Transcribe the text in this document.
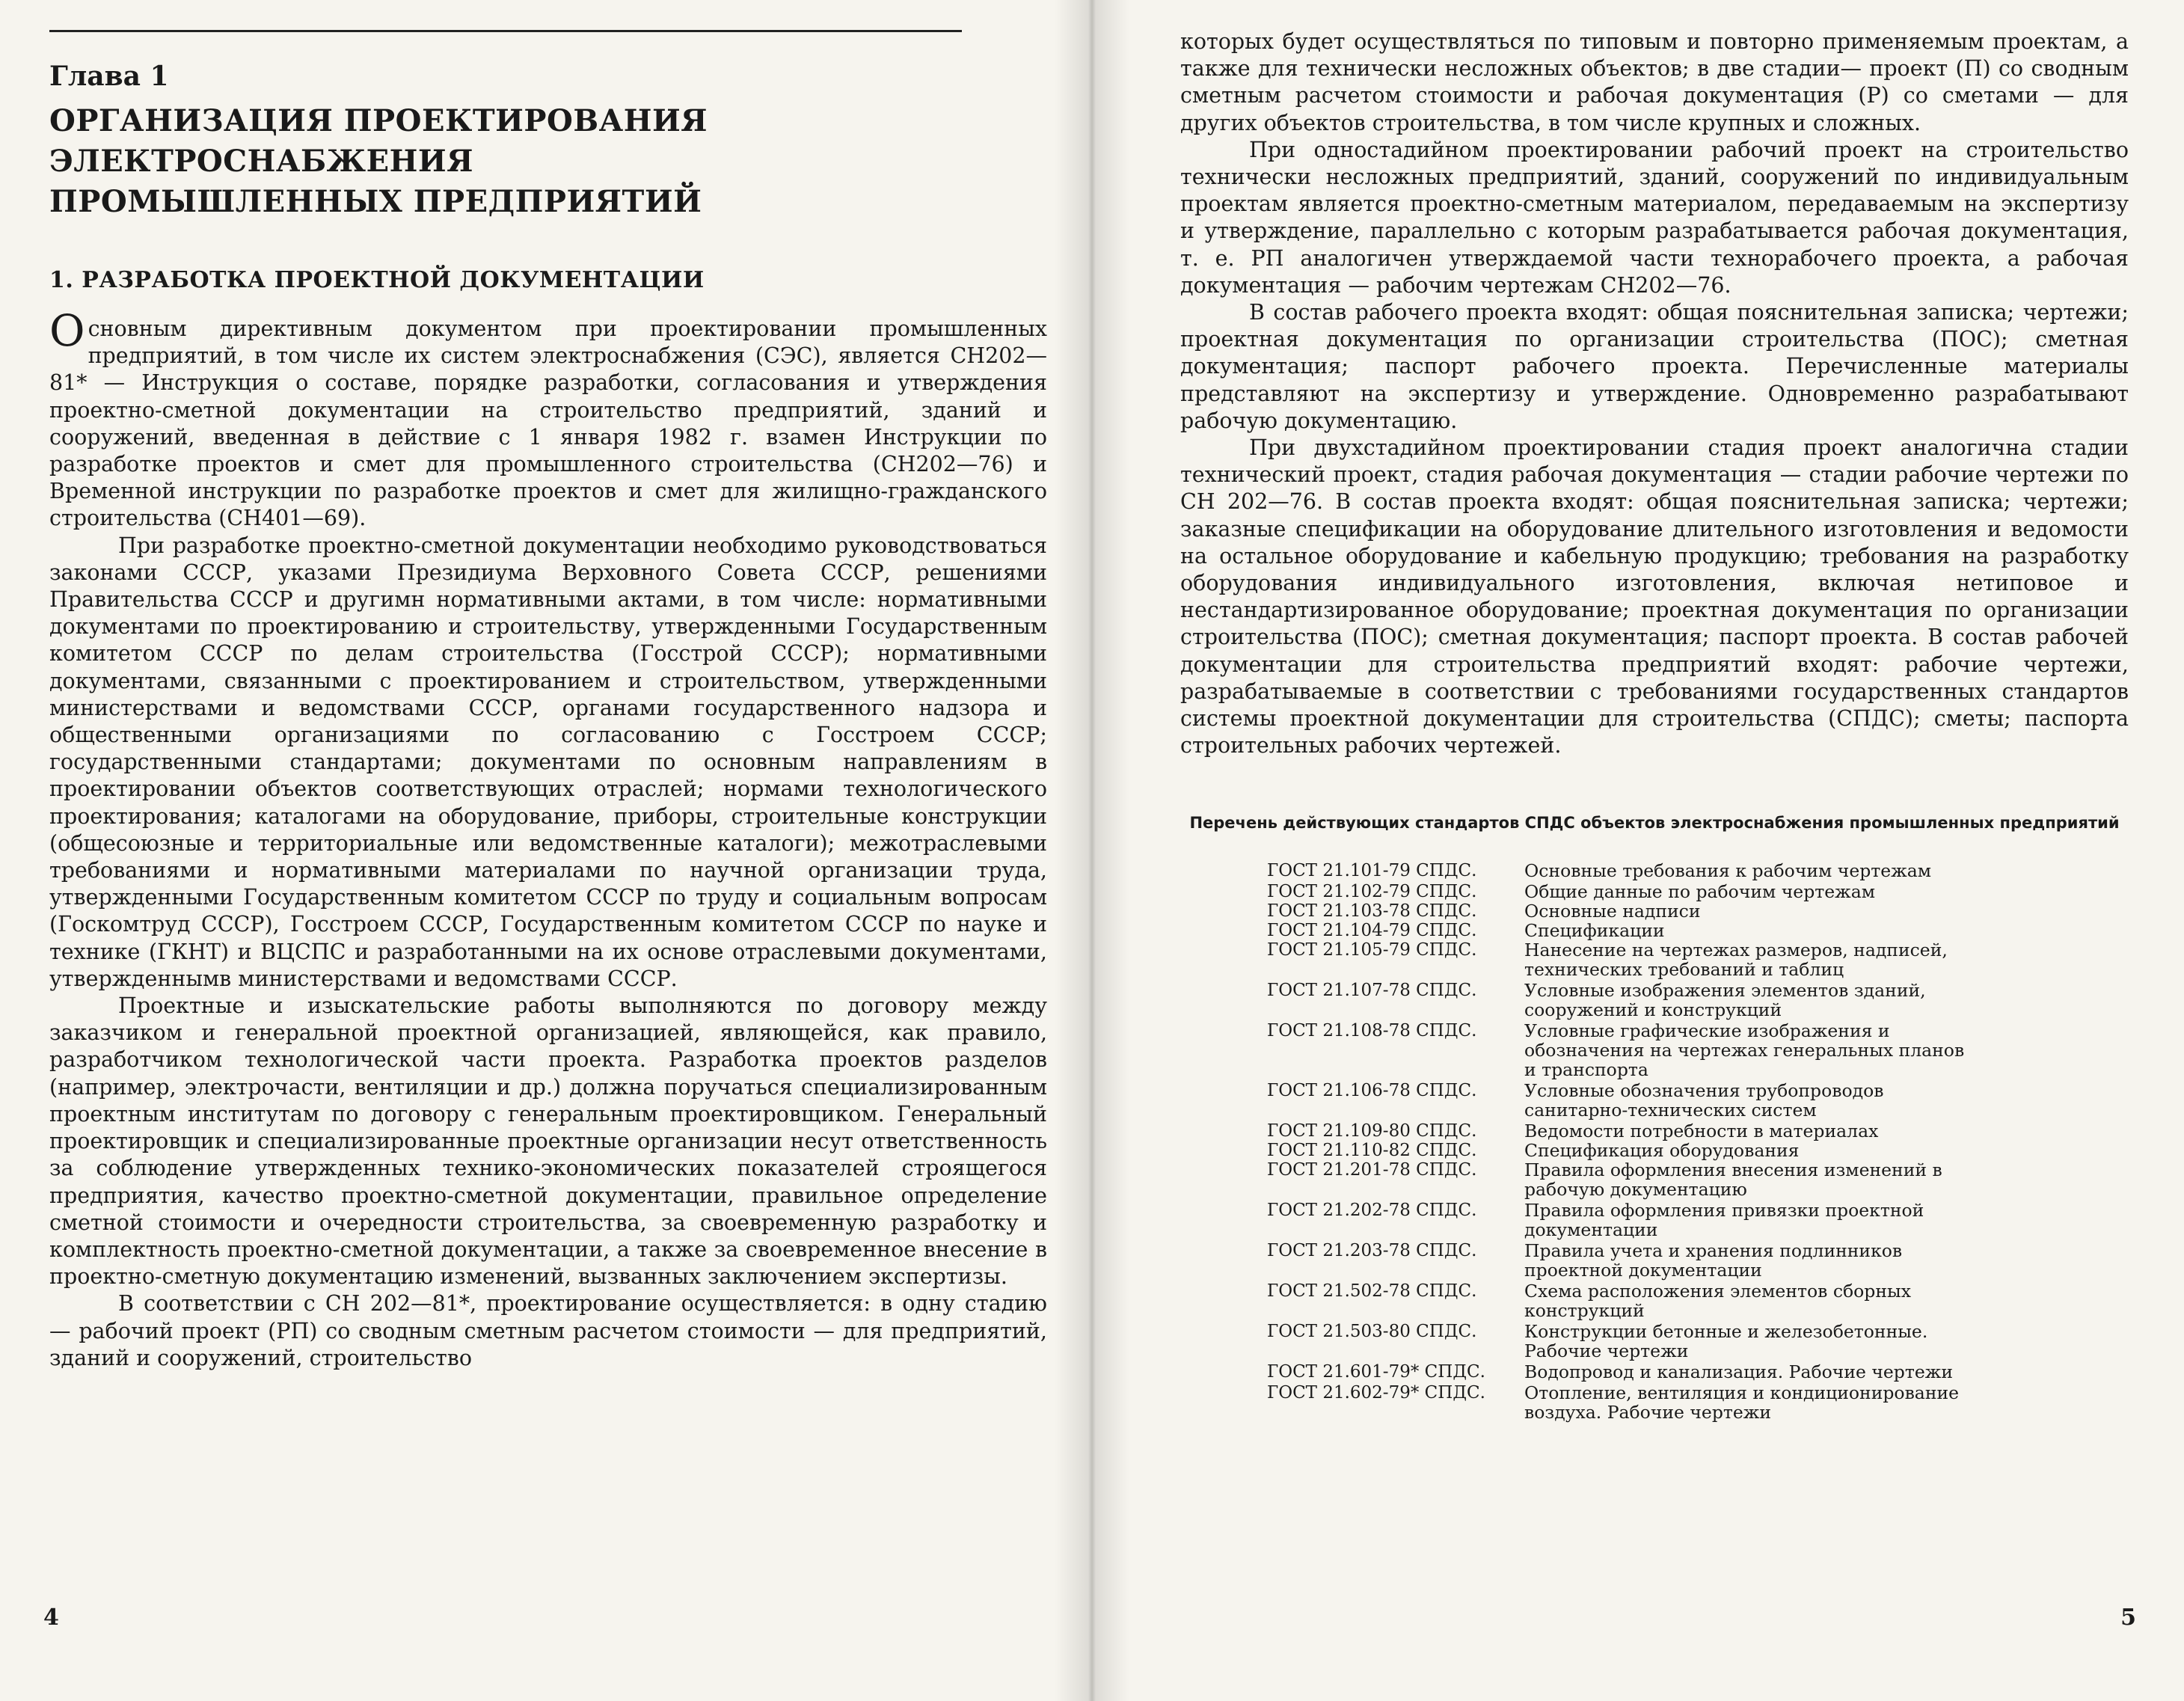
Глава 1
ОРГАНИЗАЦИЯ ПРОЕКТИРОВАНИЯ ЭЛЕКТРОСНАБЖЕНИЯ ПРОМЫШЛЕННЫХ ПРЕДПРИЯТИЙ
1. РАЗРАБОТКА ПРОЕКТНОЙ ДОКУМЕНТАЦИИ

Основным директивным документом при проектировании промышленных предприятий, в том числе их систем электроснабжения (СЭС), является СН202—81* — Инструкция о составе, порядке разработки, согласования и утверждения проектно-сметной документации на строительство предприятий, зданий и сооружений, введенная в действие с 1 января 1982 г. взамен Инструкции по разработке проектов и смет для промышленного строительства (СН202—76) и Временной инструкции по разработке проектов и смет для жилищно-гражданского строительства (СН401—69).

При разработке проектно-сметной документации необходимо руководствоваться законами СССР, указами Президиума Верховного Совета СССР, решениями Правительства СССР и другимн нормативными актами, в том числе: нормативными документами по проектированию и строительству, утвержденными Государственным комитетом СССР по делам строительства (Госстрой СССР); нормативными документами, связанными с проектированием и строительством, утвержденными министерствами и ведомствами СССР, органами государственного надзора и общественными организациями по согласованию с Госстроем СССР; государственными стандартами; документами по основным направлениям в проектировании объектов соответствующих отраслей; нормами технологического проектирования; каталогами на оборудование, приборы, строительные конструкции (общесоюзные и территориальные или ведомственные каталоги); межотраслевыми требованиями и нормативными материалами по научной организации труда, утвержденными Государственным комитетом СССР по труду и социальным вопросам (Госкомтруд СССР), Госстроем СССР, Государственным комитетом СССР по науке и технике (ГКНТ) и ВЦСПС и разработанными на их основе отраслевыми документами, утвержденнымв министерствами и ведомствами СССР.

Проектные и изыскательские работы выполняются по договору между заказчиком и генеральной проектной организацией, являющейся, как правило, разработчиком технологической части проекта. Разработка проектов разделов (например, электрочасти, вентиляции и др.) должна поручаться специализированным проектным институтам по договору с генеральным проектировщиком. Генеральный проектировщик и специализированные проектные организации несут ответственность за соблюдение утвержденных технико-экономических показателей строящегося предприятия, качество проектно-сметной документации, правильное определение сметной стоимости и очередности строительства, за своевременную разработку и комплектность проектно-сметной документации, а также за своевременное внесение в проектно-сметную документацию изменений, вызванных заключением экспертизы.

В соответствии с СН 202—81*, проектирование осуществляется: в одну стадию — рабочий проект (РП) со сводным сметным расчетом стоимости — для предприятий, зданий и сооружений, строительство

4

которых будет осуществляться по типовым и повторно применяемым проектам, а также для технически несложных объектов; в две стадии— проект (П) со сводным сметным расчетом стоимости и рабочая документация (Р) со сметами — для других объектов строительства, в том числе крупных и сложных.

При одностадийном проектировании рабочий проект на строительство технически несложных предприятий, зданий, сооружений по индивидуальным проектам является проектно-сметным материалом, передаваемым на экспертизу и утверждение, параллельно с которым разрабатывается рабочая документация, т. е. РП аналогичен утверждаемой части технорабочего проекта, а рабочая документация — рабочим чертежам СН202—76.

В состав рабочего проекта входят: общая пояснительная записка; чертежи; проектная документация по организации строительства (ПОС); сметная документация; паспорт рабочего проекта. Перечисленные материалы представляют на экспертизу и утверждение. Одновременно разрабатывают рабочую документацию.

При двухстадийном проектировании стадия проект аналогична стадии технический проект, стадия рабочая документация — стадии рабочие чертежи по СН 202—76. В состав проекта входят: общая пояснительная записка; чертежи; заказные спецификации на оборудование длительного изготовления и ведомости на остальное оборудование и кабельную продукцию; требования на разработку оборудования индивидуального изготовления, включая нетиповое и нестандартизированное оборудование; проектная документация по организации строительства (ПОС); сметная документация; паспорт проекта. В состав рабочей документации для строительства предприятий входят: рабочие чертежи, разрабатываемые в соответствии с требованиями государственных стандартов системы проектной документации для строительства (СПДС); сметы; паспорта строительных рабочих чертежей.

Перечень действующих стандартов СПДС объектов электроснабжения промышленных предприятий
ГОСТ 21.101-79 СПДС.	Основные требования к рабочим чертежам
ГОСТ 21.102-79 СПДС.	Общие данные по рабочим чертежам
ГОСТ 21.103-78 СПДС.	Основные надписи
ГОСТ 21.104-79 СПДС.	Спецификации
ГОСТ 21.105-79 СПДС.	Нанесение на чертежах размеров, надписей, технических требований и таблиц
ГОСТ 21.107-78 СПДС.	Условные изображения элементов зданий, сооружений и конструкций
ГОСТ 21.108-78 СПДС.	Условные графические изображения и обозначения на чертежах генеральных планов и транспорта
ГОСТ 21.106-78 СПДС.	Условные обозначения трубопроводов санитарно-технических систем
ГОСТ 21.109-80 СПДС.	Ведомости потребности в материалах
ГОСТ 21.110-82 СПДС.	Спецификация оборудования
ГОСТ 21.201-78 СПДС.	Правила оформления внесения изменений в рабочую документацию
ГОСТ 21.202-78 СПДС.	Правила оформления привязки проектной документации
ГОСТ 21.203-78 СПДС.	Правила учета и хранения подлинников проектной документации
ГОСТ 21.502-78 СПДС.	Схема расположения элементов сборных конструкций
ГОСТ 21.503-80 СПДС.	Конструкции бетонные и железобетонные. Рабочие чертежи
ГОСТ 21.601-79* СПДС.	Водопровод и канализация. Рабочие чертежи
ГОСТ 21.602-79* СПДС.	Отопление, вентиляция и кондиционирование воздуха. Рабочие чертежи
5
